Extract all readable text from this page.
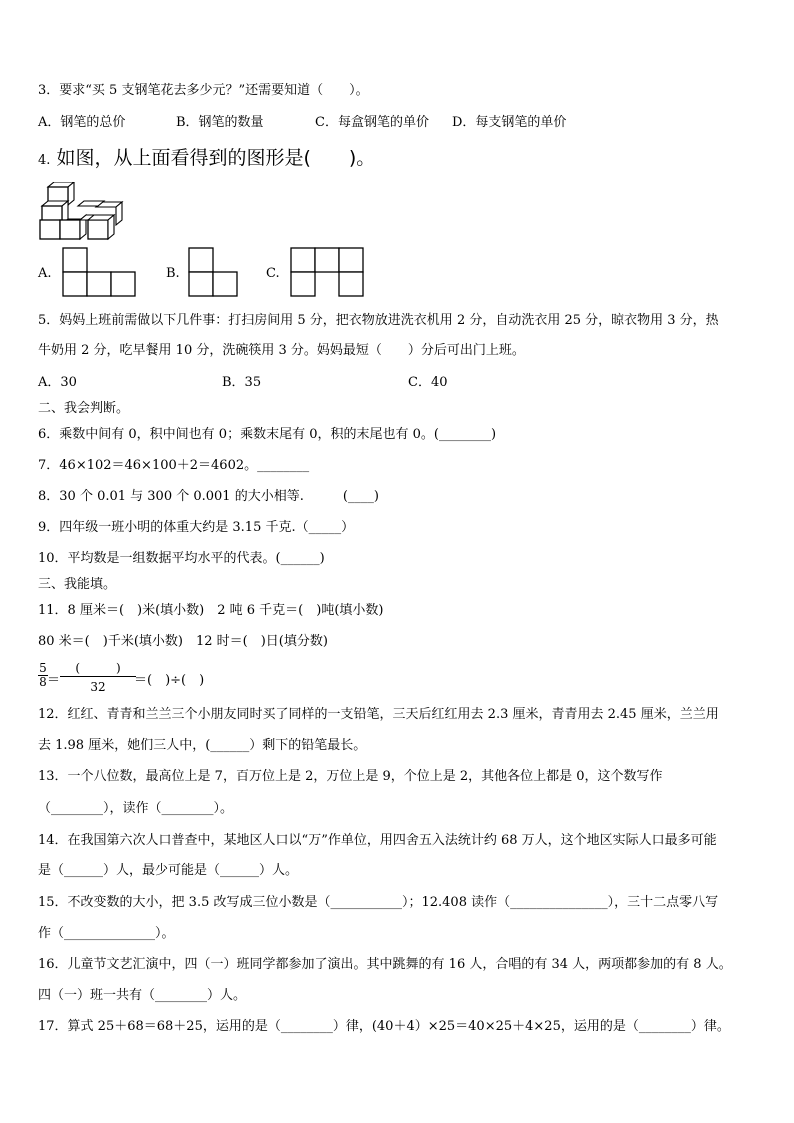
3．要求“买 5 支钢笔花去多少元？”还需要知道（　　）。
A．钢笔的总价	B．钢笔的数量	C．每盒钢笔的单价 D．每支钢笔的单价
4. 如图，从上面看得到的图形是(　　)。
A.	B.	C.
5．妈妈上班前需做以下几件事：打扫房间用 5 分，把衣物放进洗衣机用 2 分，自动洗衣用 25 分，晾衣物用 3 分，热
牛奶用 2 分，吃早餐用 10 分，洗碗筷用 3 分。妈妈最短（　　）分后可出门上班。
A．30	B．35	C．40
二、我会判断。
6．乘数中间有 0，积中间也有 0；乘数末尾有 0，积的末尾也有 0。(________)
7．46×102＝46×100＋2＝4602。________
8．30 个 0.01 与 300 个 0.001 的大小相等.　　　(____)
9．四年级一班小明的体重大约是 3.15 千克.（_____）
10．平均数是一组数据平均水平的代表。(______)
三、我能填。
11．8 厘米＝(　)米(填小数)　2 吨 6 千克＝(　)吨(填小数)
80 米＝(　)千米(填小数)　12 时＝(　)日(填分数)
$\frac{5}{8}$ ＝
(　　　)
32	＝(　)÷(　)
12．红红、青青和兰兰三个小朋友同时买了同样的一支铅笔，三天后红红用去 2.3 厘米，青青用去 2.45 厘米，兰兰用
去 1.98 厘米，她们三人中，(______）剩下的铅笔最长。
13．一个八位数，最高位上是 7，百万位上是 2，万位上是 9，个位上是 2，其他各位上都是 0，这个数写作
（________），读作（________）。
14．在我国第六次人口普查中，某地区人口以“万”作单位，用四舍五入法统计约 68 万人，这个地区实际人口最多可能
是（______）人，最少可能是（______）人。
15．不改变数的大小，把 3.5 改写成三位小数是（___________）；12.408 读作（_______________），三十二点零八写
作（______________）。
16．儿童节文艺汇演中，四（一）班同学都参加了演出。其中跳舞的有 16 人，合唱的有 34 人，两项都参加的有 8 人。
四（一）班一共有（________）人。
17．算式 25＋68＝68＋25，运用的是（________）律，(40＋4）×25＝40×25＋4×25，运用的是（________）律。
